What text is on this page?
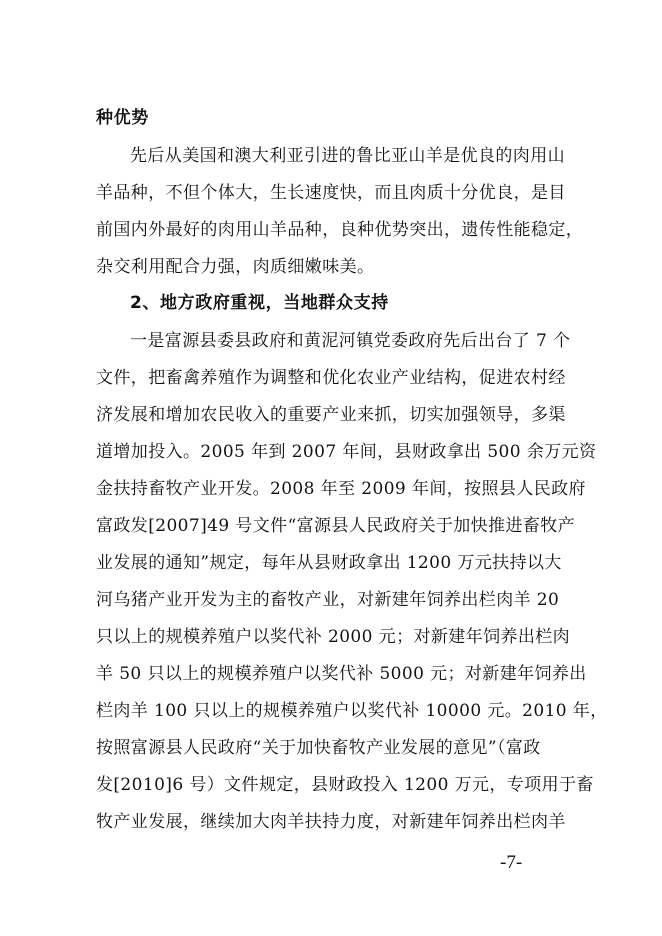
种优势
先后从美国和澳大利亚引进的鲁比亚山羊是优良的肉用山
羊品种，不但个体大，生长速度快，而且肉质十分优良，是目
前国内外最好的肉用山羊品种，良种优势突出，遗传性能稳定，
杂交利用配合力强，肉质细嫩味美。
2、地方政府重视，当地群众支持
一是富源县委县政府和黄泥河镇党委政府先后出台了 7 个
文件，把畜禽养殖作为调整和优化农业产业结构，促进农村经
济发展和增加农民收入的重要产业来抓，切实加强领导，多渠
道增加投入。2005 年到 2007 年间，县财政拿出 500 余万元资
金扶持畜牧产业开发。2008 年至 2009 年间，按照县人民政府
富政发[2007]49 号文件“富源县人民政府关于加快推进畜牧产
业发展的通知”规定，每年从县财政拿出 1200 万元扶持以大
河乌猪产业开发为主的畜牧产业，对新建年饲养出栏肉羊 20
只以上的规模养殖户以奖代补 2000 元；对新建年饲养出栏肉
羊 50 只以上的规模养殖户以奖代补 5000 元；对新建年饲养出
栏肉羊 100 只以上的规模养殖户以奖代补 10000 元。2010 年，
按照富源县人民政府“关于加快畜牧产业发展的意见”（富政
发[2010]6 号）文件规定，县财政投入 1200 万元，专项用于畜
牧产业发展，继续加大肉羊扶持力度，对新建年饲养出栏肉羊
-7-
